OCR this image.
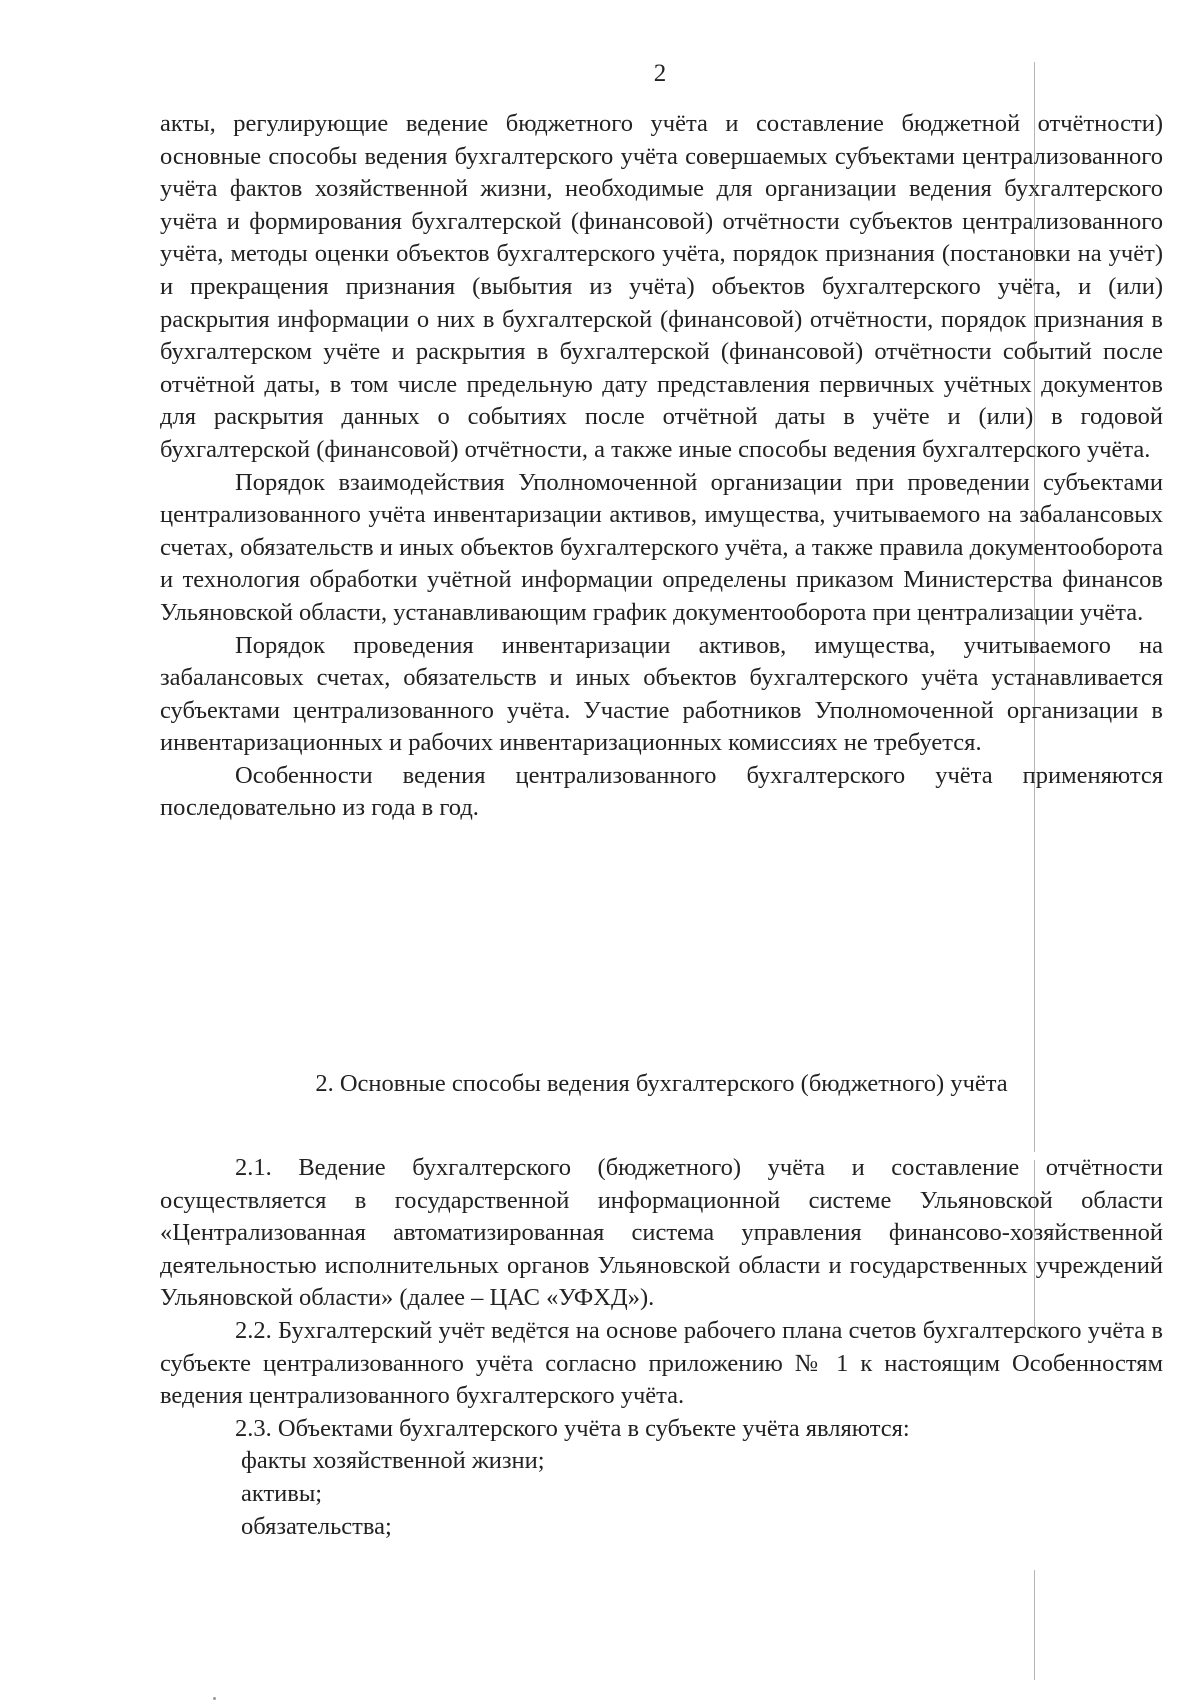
2

акты, регулирующие ведение бюджетного учёта и составление бюджетной отчётности) основные способы ведения бухгалтерского учёта совершаемых субъектами централизованного учёта фактов хозяйственной жизни, необходимые для организации ведения бухгалтерского учёта и формирования бухгалтерской (финансовой) отчётности субъектов централизованного учёта, методы оценки объектов бухгалтерского учёта, порядок признания (постановки на учёт) и прекращения признания (выбытия из учёта) объектов бухгалтерского учёта, и (или) раскрытия информации о них в бухгалтерской (финансовой) отчётности, порядок признания в бухгалтерском учёте и раскрытия в бухгалтерской (финансовой) отчётности событий после отчётной даты, в том числе предельную дату представления первичных учётных документов для раскрытия данных о событиях после отчётной даты в учёте и (или) в годовой бухгалтерской (финансовой) отчётности, а также иные способы ведения бухгалтерского учёта.

Порядок взаимодействия Уполномоченной организации при проведении субъектами централизованного учёта инвентаризации активов, имущества, учитываемого на забалансовых счетах, обязательств и иных объектов бухгалтерского учёта, а также правила документооборота и технология обработки учётной информации определены приказом Министерства финансов Ульяновской области, устанавливающим график документооборота при централизации учёта.

Порядок проведения инвентаризации активов, имущества, учитываемого на забалансовых счетах, обязательств и иных объектов бухгалтерского учёта устанавливается субъектами централизованного учёта. Участие работников Уполномоченной организации в инвентаризационных и рабочих инвентаризационных комиссиях не требуется.

Особенности ведения централизованного бухгалтерского учёта применяются последовательно из года в год.

2. Основные способы ведения бухгалтерского (бюджетного) учёта

2.1. Ведение бухгалтерского (бюджетного) учёта и составление отчётности осуществляется в государственной информационной системе Ульяновской области «Централизованная автоматизированная система управления финансово-хозяйственной деятельностью исполнительных органов Ульяновской области и государственных учреждений Ульяновской области» (далее – ЦАС «УФХД»).

2.2. Бухгалтерский учёт ведётся на основе рабочего плана счетов бухгалтерского учёта в субъекте централизованного учёта согласно приложению № 1 к настоящим Особенностям ведения централизованного бухгалтерского учёта.

2.3. Объектами бухгалтерского учёта в субъекте учёта являются:

факты хозяйственной жизни;

активы;

обязательства;
